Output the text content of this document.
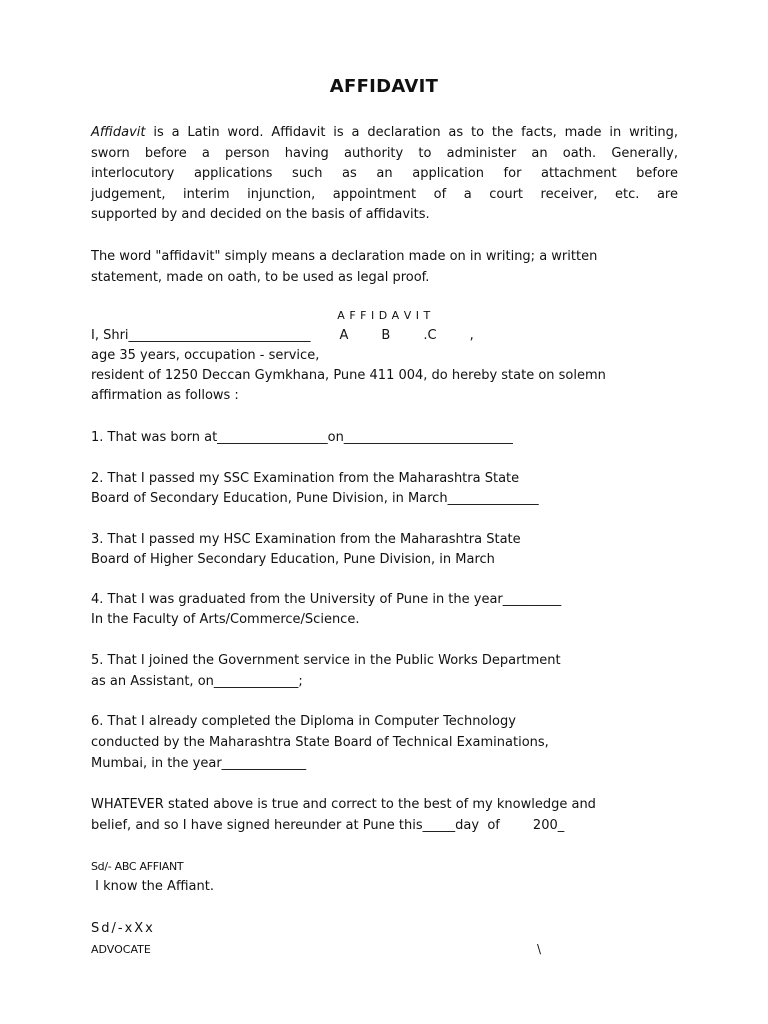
AFFIDAVIT
Affidavit is a Latin word. Affidavit is a declaration as to the facts, made in writing,
sworn before a person having authority to administer an oath. Generally,
interlocutory applications such as an application for attachment before
judgement, interim injunction, appointment of a court receiver, etc. are
supported by and decided on the basis of affidavits.
The word "affidavit" simply means a declaration made on in writing; a written
statement, made on oath, to be used as legal proof.
A F F I D A V I T
I, Shri____________________________       A        B        .C        ,
age 35 years, occupation - service,
resident of 1250 Deccan Gymkhana, Pune 411 004, do hereby state on solemn
affirmation as follows :
1. That was born at_________________on__________________________
2. That I passed my SSC Examination from the Maharashtra State
Board of Secondary Education, Pune Division, in March______________
3. That I passed my HSC Examination from the Maharashtra State
Board of Higher Secondary Education, Pune Division, in March
4. That I was graduated from the University of Pune in the year_________
In the Faculty of Arts/Commerce/Science.
5. That I joined the Government service in the Public Works Department
as an Assistant, on_____________;
6. That I already completed the Diploma in Computer Technology
conducted by the Maharashtra State Board of Technical Examinations,
Mumbai, in the year_____________
WHATEVER stated above is true and correct to the best of my knowledge and
belief, and so I have signed hereunder at Pune this_____day  of        200_
Sd/- ABC AFFIANT
I know the Affiant.
Sd/-xXx
ADVOCATE	\
